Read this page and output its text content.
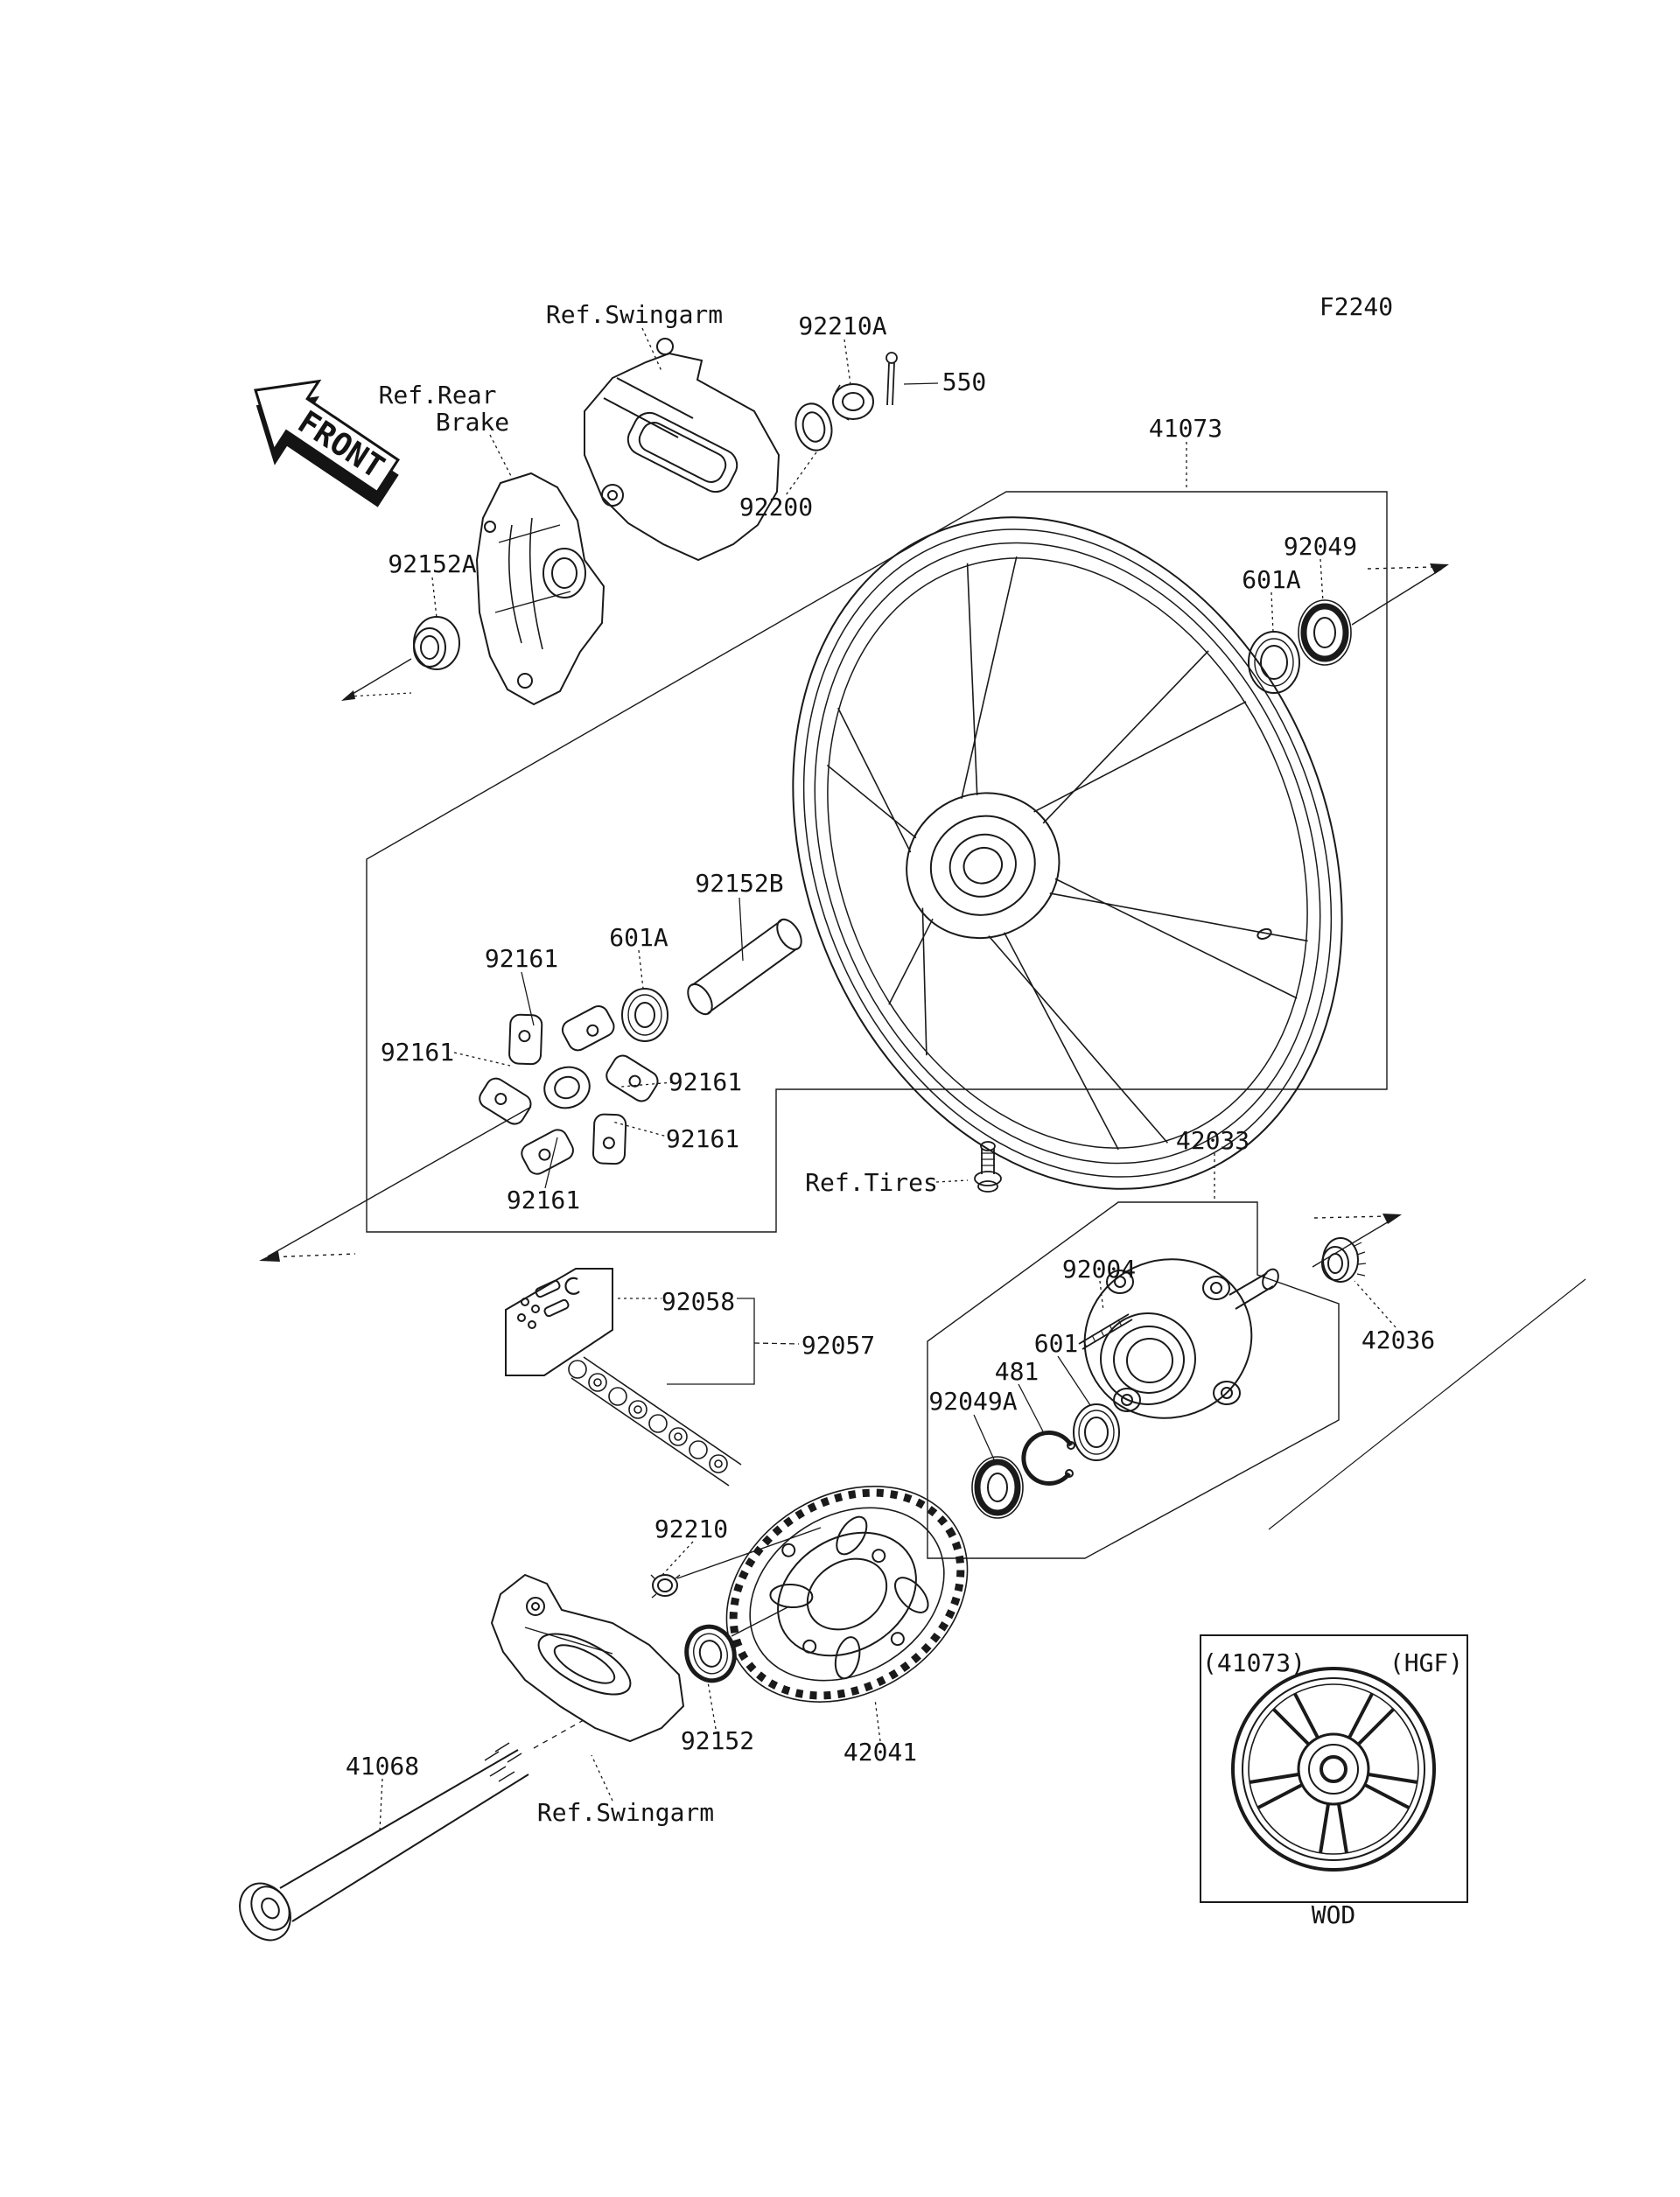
FRONT
Ref.Swingarm	92210A
550
92200
F2240
41073
Ref.Rear
Brake
92152A
92049
601A
92152B
601A
92161
92161
92161
92161
92161
Ref.Tires
42033
92004
42036
601
481
92049A
92058
92057
92210
92152	42041
41068
Ref.Swingarm
(41073)	(HGF)
WOD
